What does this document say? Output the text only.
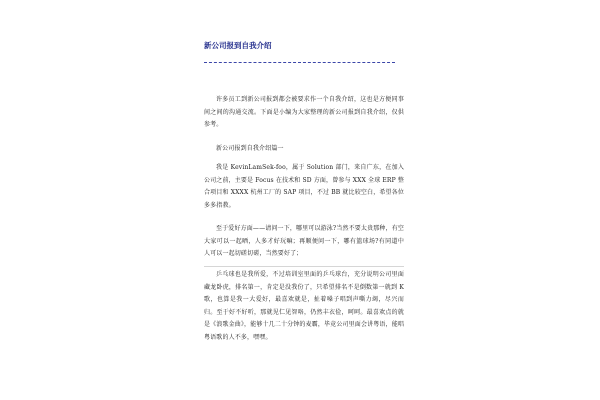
新公司报到自我介绍

许多员工到新公司报到都会被要求作一个自我介绍，这也是方便同事间之间的沟通交流。下面是小编为大家整理的新公司报到自我介绍，仅供参考。

新公司报到自我介绍篇一

我是 KevinLamSek-foo，属于 Solution 部门，来自广东，在加入公司之前，主要是 Focus 在技术和 SD 方面，曾参与 XXX 全球 ERP 整合项目和 XXXX 杭州工厂的 SAP 项目，不过 BB 就比较空白，希望各位多多指教。

至于爱好方面——请问一下，哪里可以游泳?当然不要太贵那种，有空大家可以一起晒，人多才好玩嘛；再顺便问一下，哪有篮球场?有同道中人可以一起切磋切磋，当然要好了；

乒乓球也是我所爱，不过培训室里面的乒乓球台，充分说明公司里面藏龙卧虎，排名第一，肯定是没我份了，只希望排名不是倒数第一就到 K 歌，也算是我一大爱好，最喜欢就是，扯着嗓子唱到声嘶力竭，尽兴而归。至于好不好听，那就见仁见智咯，仍然丰衣俭，呵呵。最喜欢点的就是《浪歌金曲》，能够十几二十分钟的麦霸，毕竟公司里面会讲粤语，能唱粤语歌的人不多，嘿嘿。
